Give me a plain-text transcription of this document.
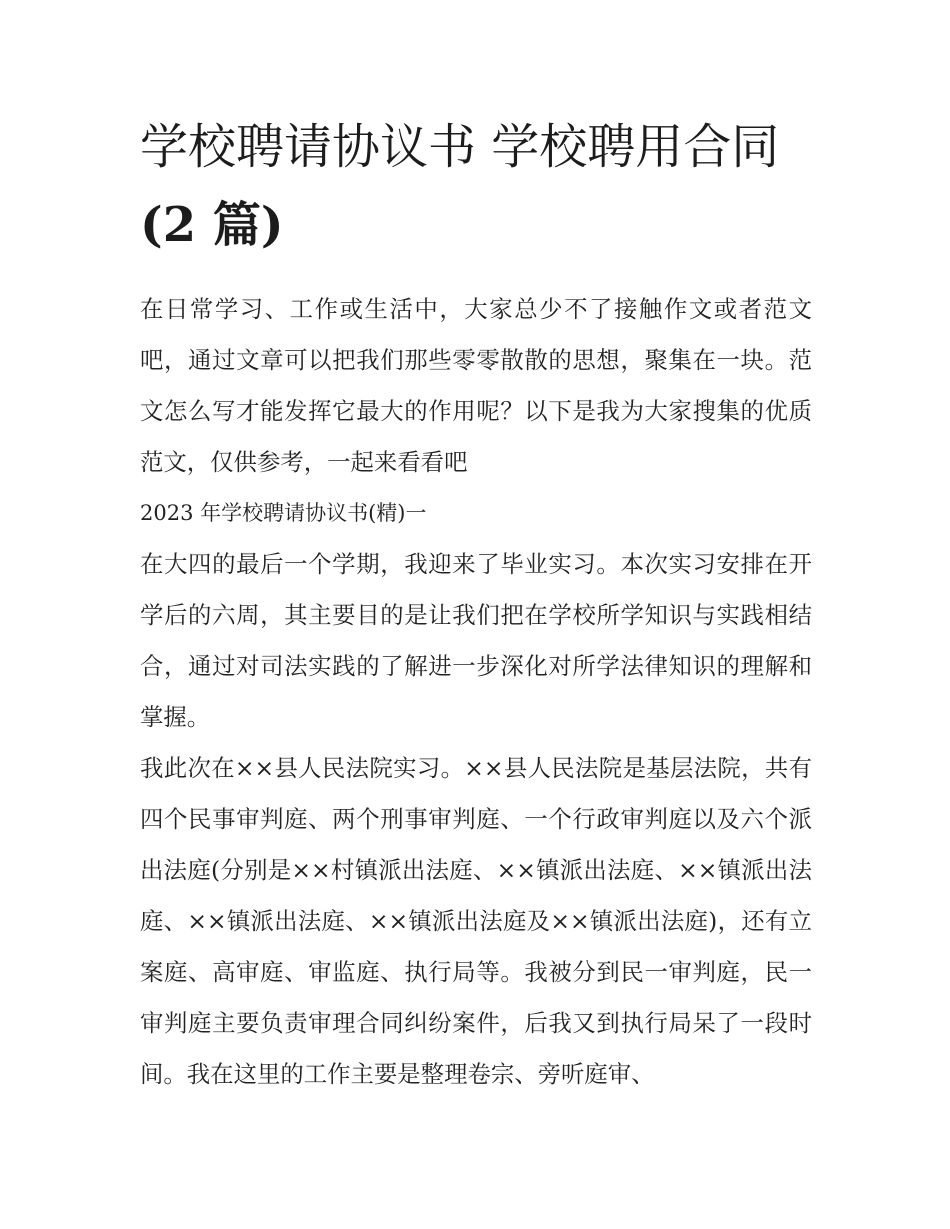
学校聘请协议书 学校聘用合同
(2 篇)

在日常学习、工作或生活中，大家总少不了接触作文或者范文吧，通过文章可以把我们那些零零散散的思想，聚集在一块。范文怎么写才能发挥它最大的作用呢？以下是我为大家搜集的优质范文，仅供参考，一起来看看吧

2023 年学校聘请协议书(精)一

在大四的最后一个学期，我迎来了毕业实习。本次实习安排在开学后的六周，其主要目的是让我们把在学校所学知识与实践相结合，通过对司法实践的了解进一步深化对所学法律知识的理解和掌握。

我此次在××县人民法院实习。××县人民法院是基层法院，共有四个民事审判庭、两个刑事审判庭、一个行政审判庭以及六个派出法庭(分别是××村镇派出法庭、××镇派出法庭、××镇派出法庭、××镇派出法庭、××镇派出法庭及××镇派出法庭)，还有立案庭、高审庭、审监庭、执行局等。我被分到民一审判庭，民一审判庭主要负责审理合同纠纷案件，后我又到执行局呆了一段时间。我在这里的工作主要是整理卷宗、旁听庭审、
